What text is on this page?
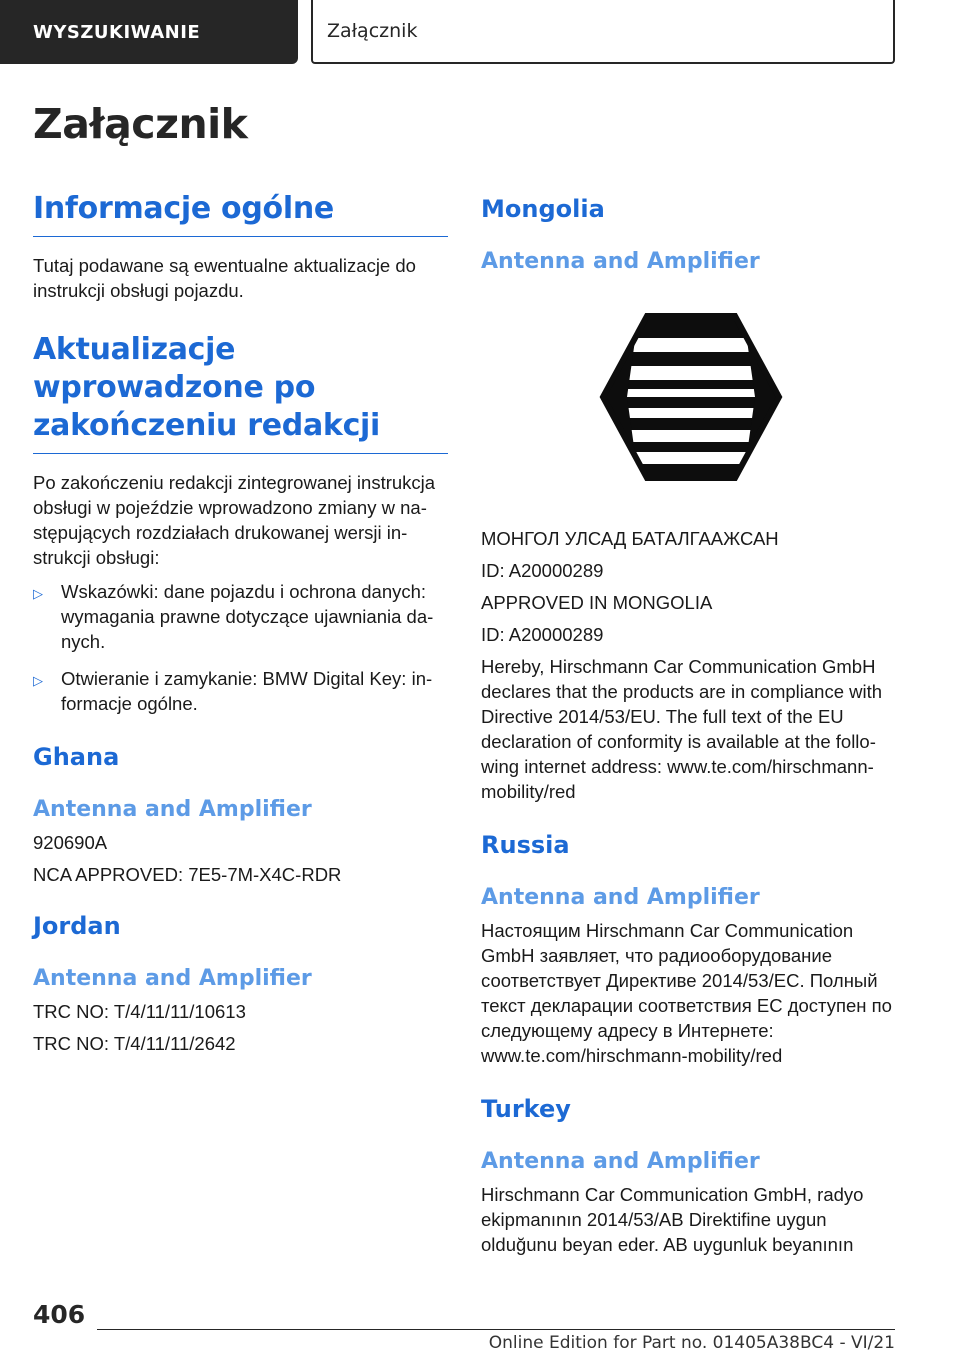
WYSZUKIWANIE	Załącznik
Załącznik
Informacje ogólne

Tutaj podawane są ewentualne aktualizacje do instrukcji obsługi pojazdu.

Aktualizacje wprowadzone po zakończeniu redakcji

Po zakończeniu redakcji zintegrowanej instrukcja obsługi w pojeździe wprowadzono zmiany w następujących rozdziałach drukowanej wersji instrukcji obsługi:

▷ Wskazówki: dane pojazdu i ochrona danych: wymagania prawne dotyczące ujawniania danych.
▷ Otwieranie i zamykanie: BMW Digital Key: informacje ogólne.
Ghana
Antenna and Amplifier

920690A

NCA APPROVED: 7E5-7M-X4C-RDR

Jordan
Antenna and Amplifier

TRC NO: T/4/11/11/10613

TRC NO: T/4/11/11/2642

Mongolia
Antenna and Amplifier

МОНГОЛ УЛСАД БАТАЛГААЖСАН

ID: A20000289

APPROVED IN MONGOLIA

ID: A20000289

Hereby, Hirschmann Car Communication GmbH declares that the products are in compliance with Directive 2014/53/EU. The full text of the EU declaration of conformity is available at the following internet address: www.te.com/hirschmann-mobility/red

Russia
Antenna and Amplifier

Настоящим Hirschmann Car Communication GmbH заявляет, что радиооборудование соответствует Директиве 2014/53/ЕС. Полный текст декларации соответствия ЕС доступен по следующему адресу в Интернете: www.te.com/hirschmann-mobility/red

Turkey
Antenna and Amplifier

Hirschmann Car Communication GmbH, radyo ekipmanının 2014/53/AB Direktifine uygun olduğunu beyan eder. AB uygunluk beyanının

406
Online Edition for Part no. 01405A38BC4 - VI/21
